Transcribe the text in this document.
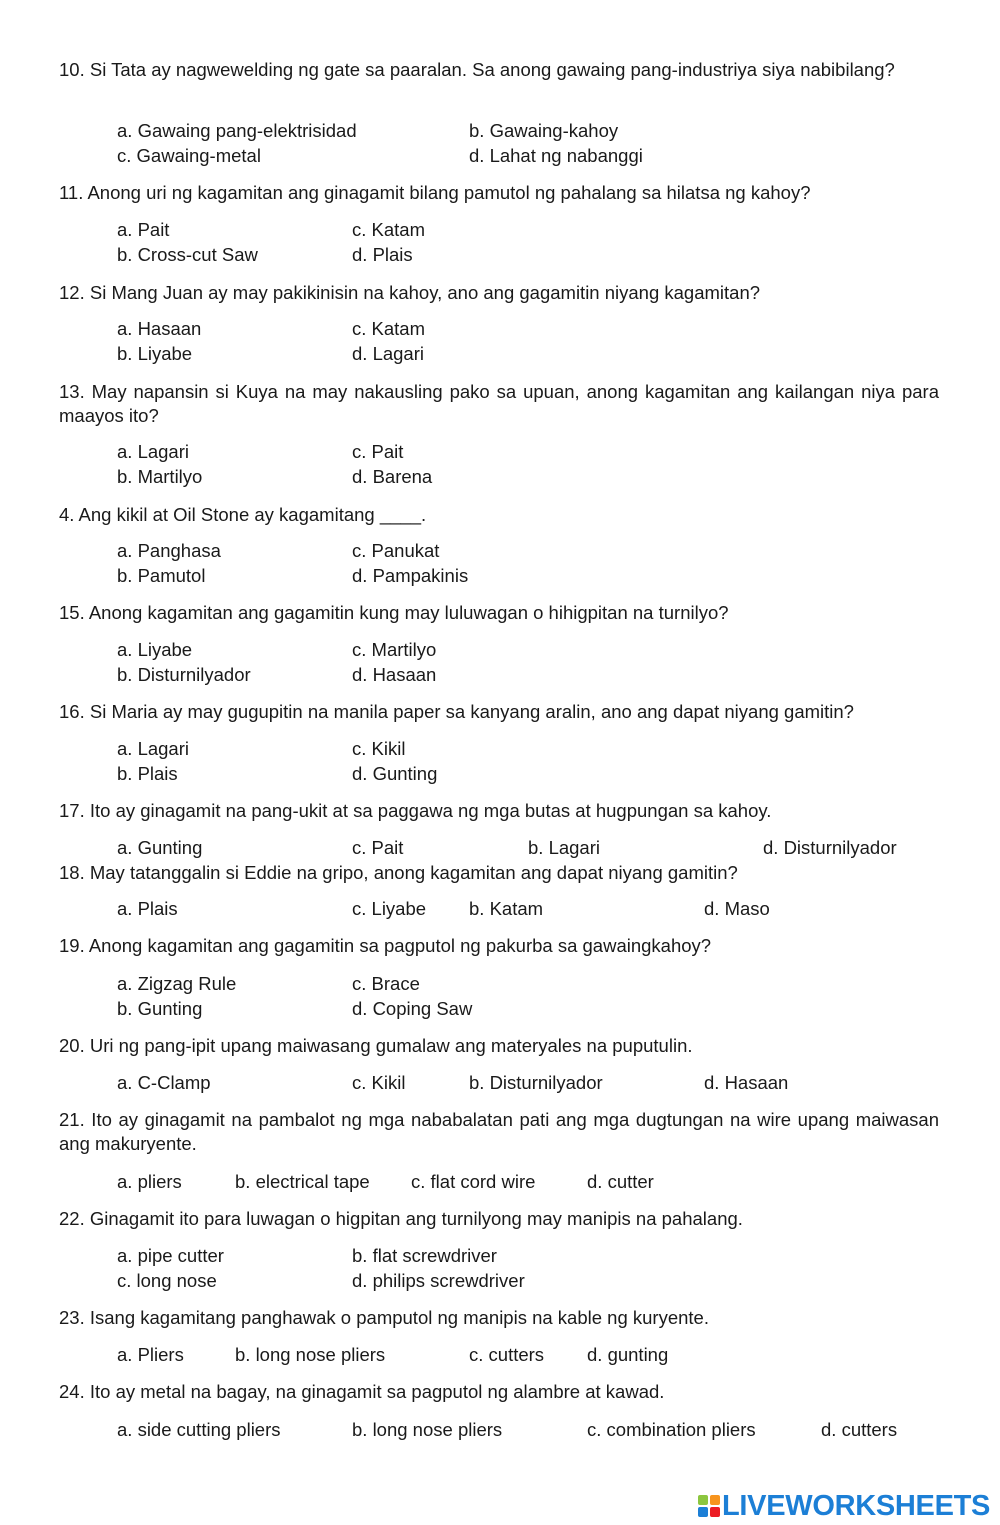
10. Si Tata ay nagwewelding ng gate sa paaralan. Sa anong gawaing pang-industriya siya nabibilang?
a. Gawaing pang-elektrisidad	b. Gawaing-kahoy
c. Gawaing-metal	d. Lahat ng nabanggi
11. Anong uri ng kagamitan ang ginagamit bilang pamutol ng pahalang sa hilatsa ng kahoy?
a. Pait	c. Katam
b. Cross-cut Saw	d. Plais
12. Si Mang Juan ay may pakikinisin na kahoy, ano ang gagamitin niyang kagamitan?
a. Hasaan	c. Katam
b. Liyabe	d. Lagari
13. May napansin si Kuya na may nakausling pako sa upuan, anong kagamitan ang kailangan niya para maayos ito?
a. Lagari	c. Pait
b. Martilyo	d. Barena
4. Ang kikil at Oil Stone ay kagamitang ____.
a. Panghasa	c. Panukat
b. Pamutol	d. Pampakinis
15. Anong kagamitan ang gagamitin kung may luluwagan o hihigpitan na turnilyo?
a. Liyabe	c. Martilyo
b. Disturnilyador	d. Hasaan
16. Si Maria ay may gugupitin na manila paper sa kanyang aralin, ano ang dapat niyang gamitin?
a. Lagari	c. Kikil
b. Plais	d. Gunting
17. Ito ay ginagamit na pang-ukit at sa paggawa ng mga butas at hugpungan sa kahoy.
a. Gunting	c. Pait	b. Lagari	d. Disturnilyador
18. May tatanggalin si Eddie na gripo, anong kagamitan ang dapat niyang gamitin?
a. Plais	c. Liyabe b. Katam	d. Maso
19. Anong kagamitan ang gagamitin sa pagputol ng pakurba sa gawaingkahoy?
a. Zigzag Rule	c. Brace
b. Gunting	d. Coping Saw
20. Uri ng pang-ipit upang maiwasang gumalaw ang materyales na puputulin.
a. C-Clamp	c. Kikil	b. Disturnilyador	d. Hasaan
21. Ito ay ginagamit na pambalot ng mga nababalatan pati ang mga dugtungan na wire upang maiwasan ang makuryente.
a. pliers	b. electrical tape c. flat cord wire	d. cutter
22. Ginagamit ito para luwagan o higpitan ang turnilyong may manipis na pahalang.
a. pipe cutter	b. flat screwdriver
c. long nose	d. philips screwdriver
23. Isang kagamitang panghawak o pamputol ng manipis na kable ng kuryente.
a. Pliers	b. long nose pliers	c. cutters d. gunting
24. Ito ay metal na bagay, na ginagamit sa pagputol ng alambre at kawad.
a. side cutting pliers	b. long nose pliers	c. combination pliers	d. cutters
LIVEWORKSHEETS
